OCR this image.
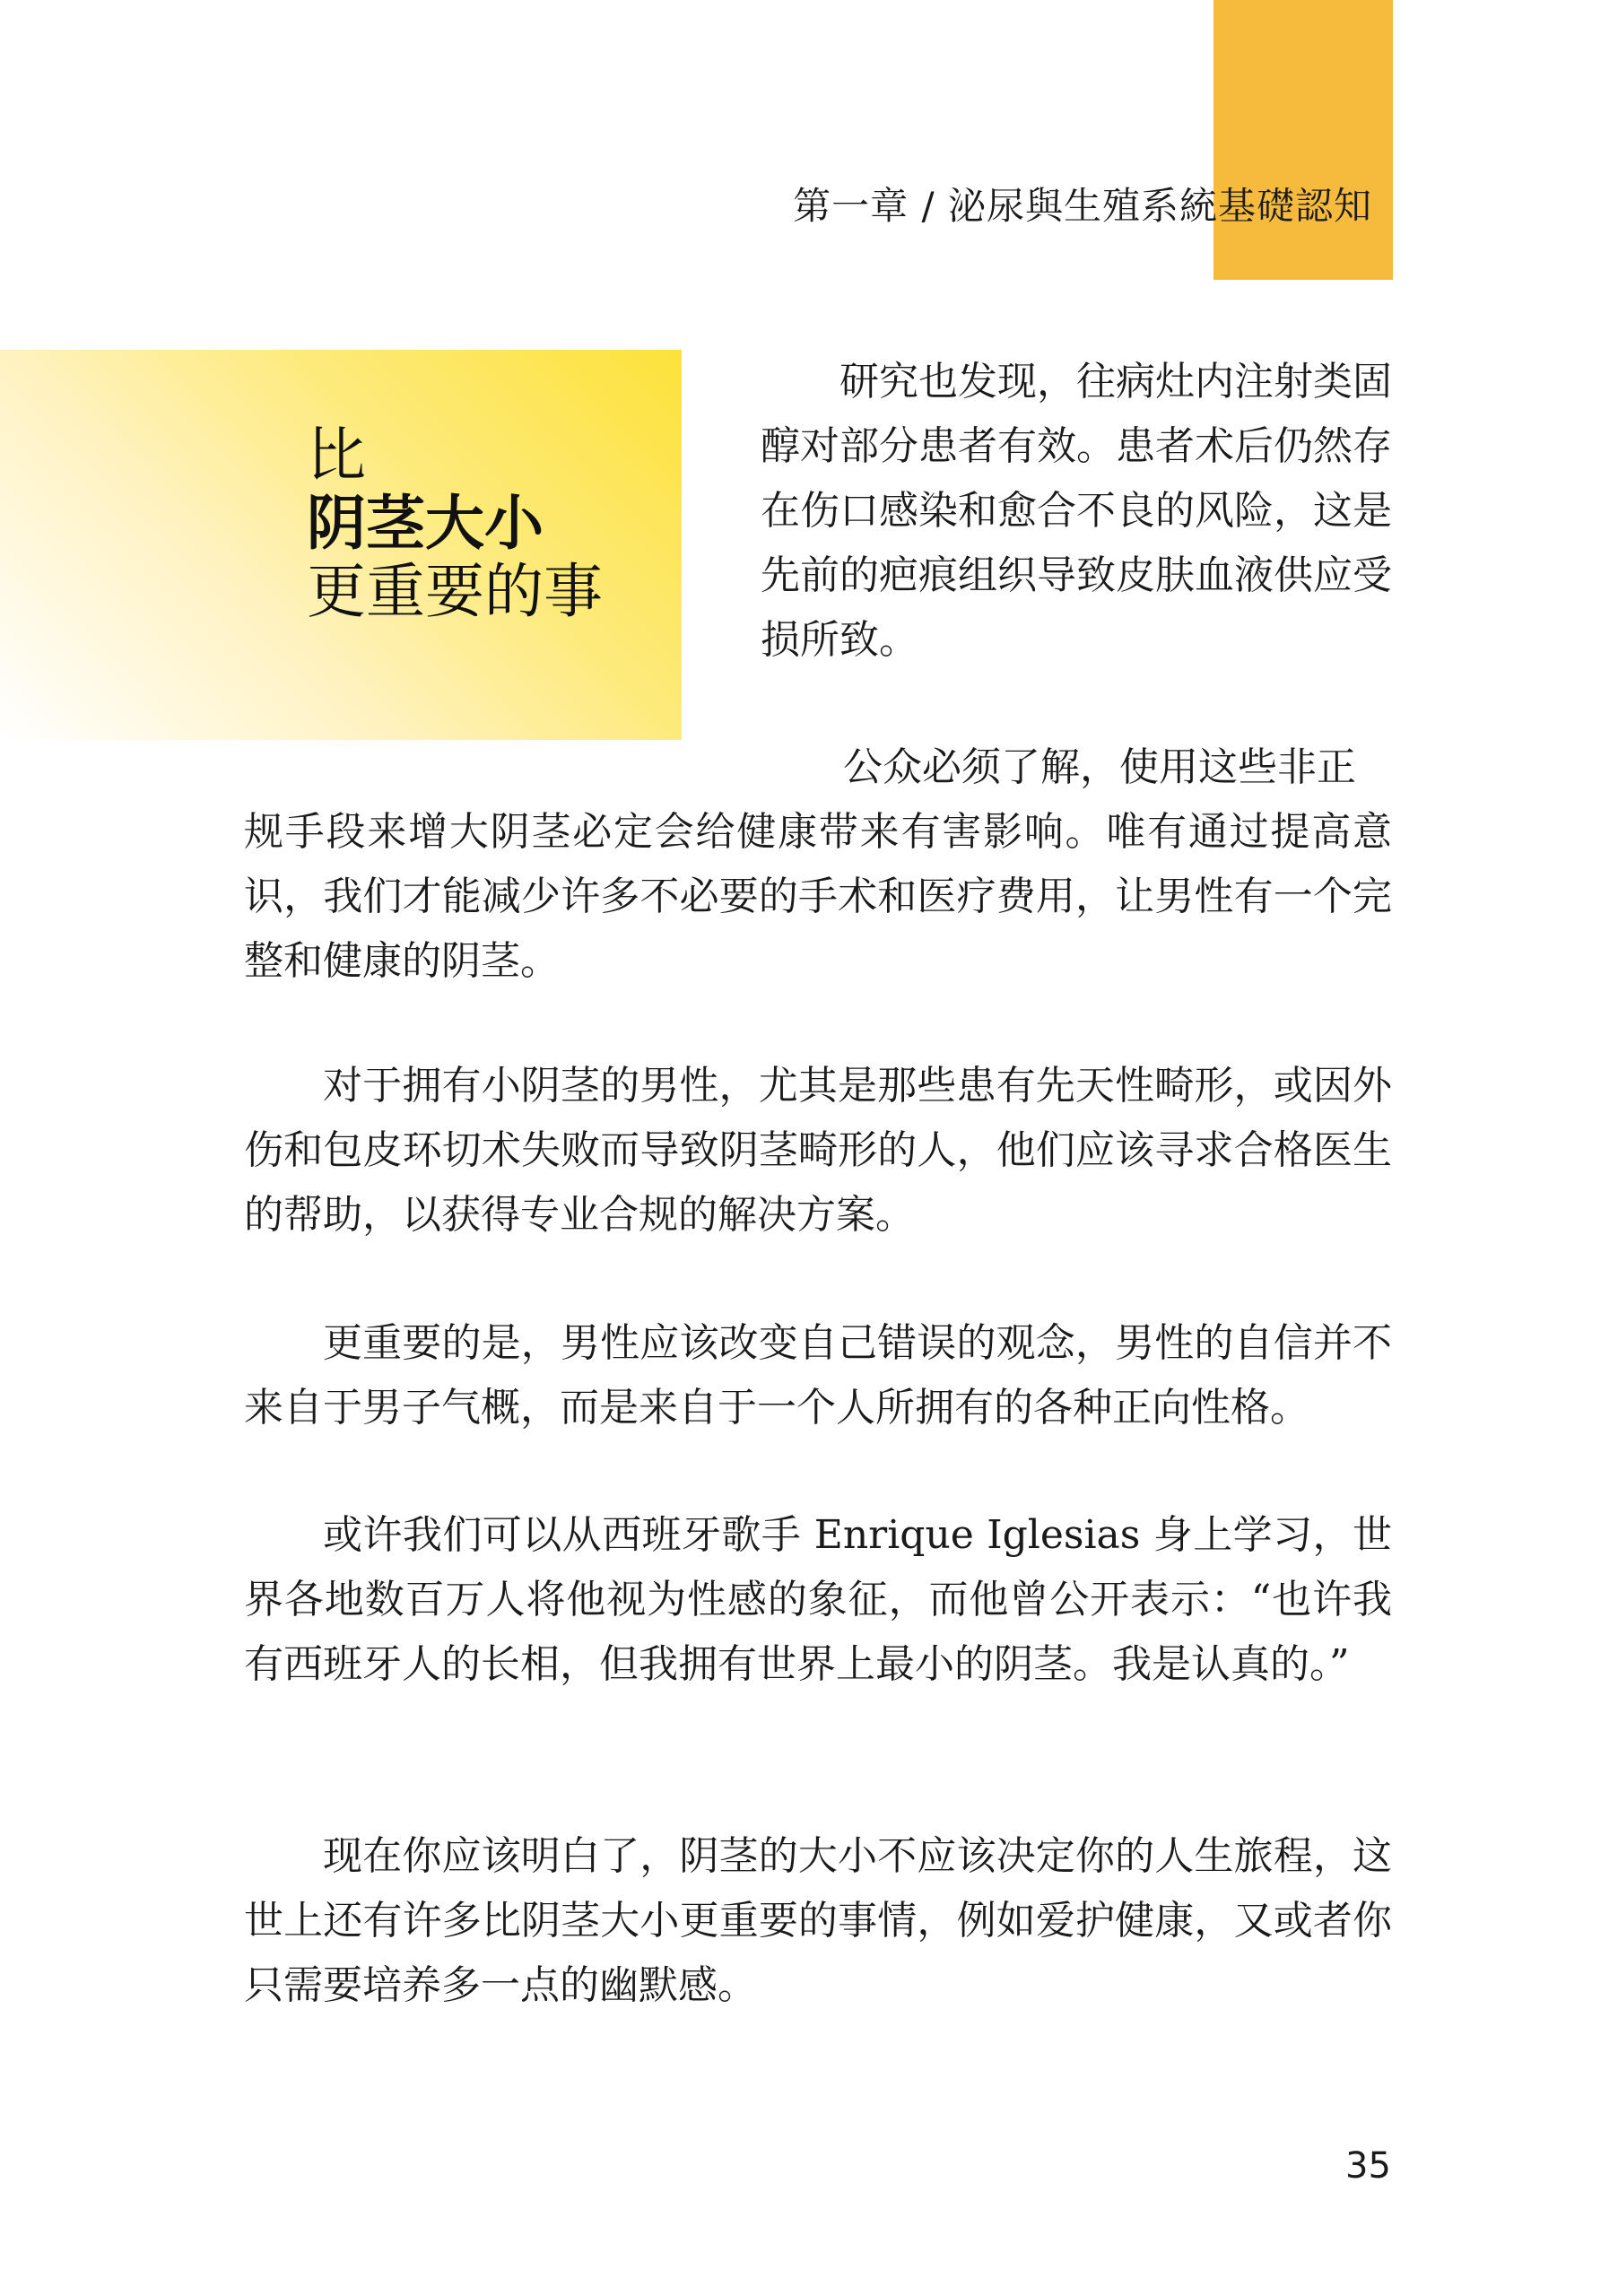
第一章 / 泌尿與生殖系統基礎認知
比
阴茎大小
更重要的事

研究也发现，往病灶内注射类固醇对部分患者有效。患者术后仍然存在伤口感染和愈合不良的风险，这是先前的疤痕组织导致皮肤血液供应受损所致。

公众必须了解，使用这些非正
规手段来增大阴茎必定会给健康带来有害影响。唯有通过提高意识，我们才能减少许多不必要的手术和医疗费用，让男性有一个完整和健康的阴茎。

对于拥有小阴茎的男性，尤其是那些患有先天性畸形，或因外伤和包皮环切术失败而导致阴茎畸形的人，他们应该寻求合格医生的帮助，以获得专业合规的解决方案。

更重要的是，男性应该改变自己错误的观念，男性的自信并不来自于男子气概，而是来自于一个人所拥有的各种正向性格。

或许我们可以从西班牙歌手 Enrique Iglesias 身上学习，世界各地数百万人将他视为性感的象征，而他曾公开表示：“也许我有西班牙人的长相，但我拥有世界上最小的阴茎。我是认真的。”

现在你应该明白了，阴茎的大小不应该决定你的人生旅程，这世上还有许多比阴茎大小更重要的事情，例如爱护健康，又或者你只需要培养多一点的幽默感。

35
